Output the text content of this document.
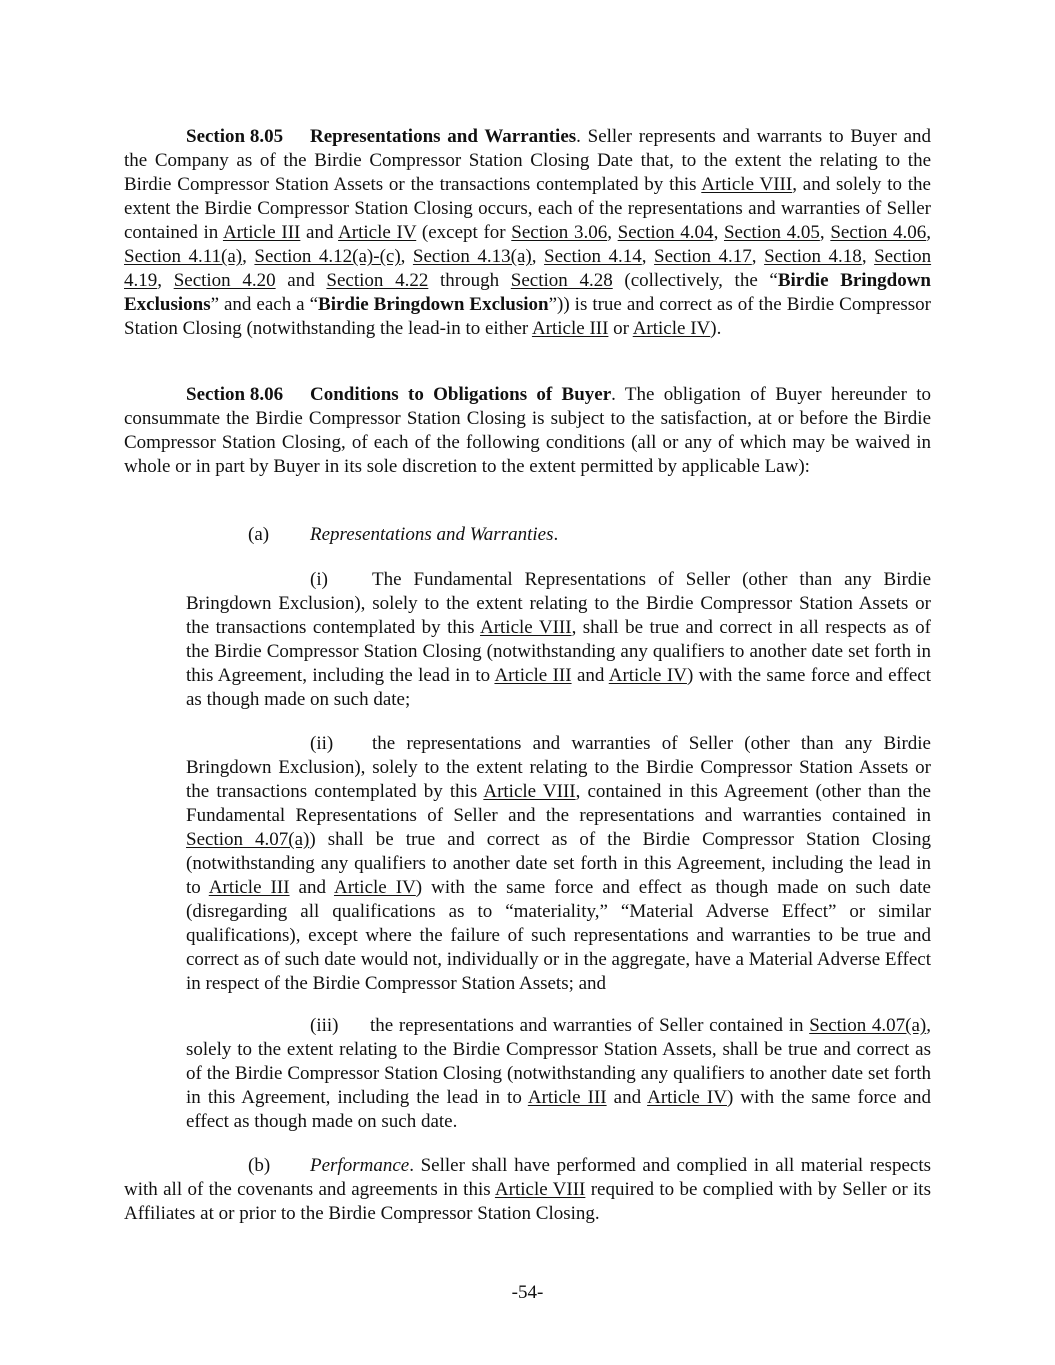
Section 8.05 Representations and Warranties. Seller represents and warrants to Buyer and the Company as of the Birdie Compressor Station Closing Date that, to the extent the relating to the Birdie Compressor Station Assets or the transactions contemplated by this Article VIII, and solely to the extent the Birdie Compressor Station Closing occurs, each of the representations and warranties of Seller contained in Article III and Article IV (except for Section 3.06, Section 4.04, Section 4.05, Section 4.06, Section 4.11(a), Section 4.12(a)-(c), Section 4.13(a), Section 4.14, Section 4.17, Section 4.18, Section 4.19, Section 4.20 and Section 4.22 through Section 4.28 (collectively, the “Birdie Bringdown Exclusions” and each a “Birdie Bringdown Exclusion”)) is true and correct as of the Birdie Compressor Station Closing (notwithstanding the lead-in to either Article III or Article IV).

Section 8.06 Conditions to Obligations of Buyer. The obligation of Buyer hereunder to consummate the Birdie Compressor Station Closing is subject to the satisfaction, at or before the Birdie Compressor Station Closing, of each of the following conditions (all or any of which may be waived in whole or in part by Buyer in its sole discretion to the extent permitted by applicable Law):

(a) Representations and Warranties.

(i) The Fundamental Representations of Seller (other than any Birdie Bringdown Exclusion), solely to the extent relating to the Birdie Compressor Station Assets or the transactions contemplated by this Article VIII, shall be true and correct in all respects as of the Birdie Compressor Station Closing (notwithstanding any qualifiers to another date set forth in this Agreement, including the lead in to Article III and Article IV) with the same force and effect as though made on such date;

(ii) the representations and warranties of Seller (other than any Birdie Bringdown Exclusion), solely to the extent relating to the Birdie Compressor Station Assets or the transactions contemplated by this Article VIII, contained in this Agreement (other than the Fundamental Representations of Seller and the representations and warranties contained in Section 4.07(a)) shall be true and correct as of the Birdie Compressor Station Closing (notwithstanding any qualifiers to another date set forth in this Agreement, including the lead in to Article III and Article IV) with the same force and effect as though made on such date (disregarding all qualifications as to “materiality,” “Material Adverse Effect” or similar qualifications), except where the failure of such representations and warranties to be true and correct as of such date would not, individually or in the aggregate, have a Material Adverse Effect in respect of the Birdie Compressor Station Assets; and

(iii) the representations and warranties of Seller contained in Section 4.07(a), solely to the extent relating to the Birdie Compressor Station Assets, shall be true and correct as of the Birdie Compressor Station Closing (notwithstanding any qualifiers to another date set forth in this Agreement, including the lead in to Article III and Article IV) with the same force and effect as though made on such date.

(b) Performance. Seller shall have performed and complied in all material respects with all of the covenants and agreements in this Article VIII required to be complied with by Seller or its Affiliates at or prior to the Birdie Compressor Station Closing.

-54-
